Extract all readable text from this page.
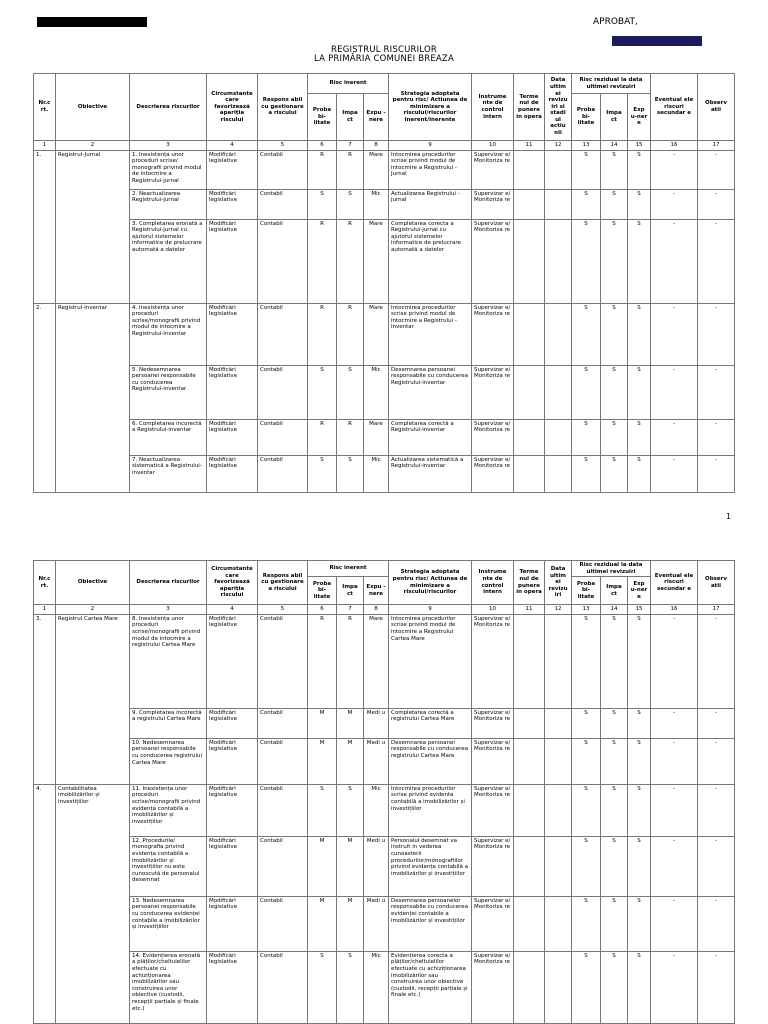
APROBAT,
Lacrimioara Niculescu
REGISTRUL RISCURILOR
LA PRIMĂRIA COMUNEI BREAZA
Nr.c rt.	Obiective	Descrierea riscurilor	Circumstante care favorizează apariția riscului	Respons abil cu gestionare a riscului	Risc inerent			Strategia adoptata pentru risc/ Actiunea de minimizare a riscului/riscurilor inerent/inerente	Instrume nte de control intern	Terme nul de punere in opera	Data ultim ei revizu iri si stadi ul actiu nii	Risc rezidual la data ultimei revizuiri			Eventual ele riscuri secundar e	Observ atii
					Proba bi-litate	Impa ct	Expu - nere					Proba bi-litate	Impa ct	Exp u-ner e		
1	2	3	4	5	6	7	8	9	10	11	12	13	14	15	16	17
1.	Registrul-Jurnal	1. Inexistența unor proceduri scrise/ monografii privind modul de intocmire a Registrului-jurnal	Modificări legislative	Contabil	R	R	Mare	Intocmirea procedurilor scrise privind modul de intocmire a Registrului -Jurnal	Supervizar e/ Monitoriza re			S	S	S	-	-
		2. Neactualizarea Registrului-jurnal	Modificări legislative	Contabil	S	S	Mic	Actualizarea Registrului - jurnal	Supervizar e/ Monitoriza re			S	S	S	-	-
		3. Completarea eronată a Registrului-jurnal cu ajutorul sistemelor informatice de prelucrare automată a datelor	Modificări legislative	Contabil	R	R	Mare	Completarea corecta a Registrului-jurnal cu ajutorul sistemelor informatice de prelucrare automată a datelor	Supervizar e/ Monitoriza re			S	S	S	-	-
2.	Registrul-inventar	4. Inexistența unor proceduri scrise/monografii privind modul de intocmire a Registrului-inventar	Modificări legislative	Contabil	R	R	Mare	Intocmirea procedurilor scrise privind modul de intocmire a Registrului - inventar	Supervizar e/ Monitoriza re			S	S	S	-	-
		5. Nedesemnarea persoanei responsabile cu conducerea Registrului-inventar	Modificări legislative	Contabil	S	S	Mic	Desemnarea persoanei responsabile cu conducerea Registrului-inventar	Supervizar e/ Monitoriza re			S	S	S	-	-
		6. Completarea incorectă a Registrului-inventar	Modificări legislative	Contabil	R	R	Mare	Completarea corectă a Registrului-inventar	Supervizar e/ Monitoriza re			S	S	S	-	-
		7. Neactualizarea sistematică a Registrului-inventar	Modificări legislative	Contabil	S	S	Mic	Actualizarea sistematică a Registrului-inventar	Supervizar e/ Monitoriza re			S	S	S	-	-
1
Nr.c rt.	Obiective	Descrierea riscurilor	Circumstante care favorizează apariția riscului	Respons abil cu gestionare a riscului	Risc inerent			Strategia adoptata pentru risc/ Actiunea de minimizare a riscului/riscurilor	Instrume nte de control intern	Terme nul de punere in opera	Data ultim ei revizu iri	Risc rezidual la data ultimei revizuiri			Eventual ele riscuri secundar e	Observ atii
					Proba bi-litate	Impa ct	Expu - nere					Proba bi-litate	Impa ct	Exp u-ner e		
1	2	3	4	5	6	7	8	9	10	11	12	13	14	15	16	17
3.	Registrul Cartea Mare	8. Inexistența unor proceduri scrise/monografii privind modul de intocmire a registrului Cartea Mare	Modificări legislative	Contabil	R	R	Mare	Intocmirea procedurilor scrise privind modul de intocmire a Registrului Cartea Mare	Supervizar e/ Monitoriza re			S	S	S	-	-
		9. Completarea incorectă a registrului Cartea Mare	Modificări legislative	Contabil	M	M	Medi u	Completarea corectă a registrului Cartea Mare	Supervizar e/ Monitoriza re			S	S	S	-	-
		10. Nedesemnarea persoanei responsabile cu conducerea registrului Cartea Mare	Modificări legislative	Contabil	M	M	Medi u	Desemnarea persoanei responsabile cu conducerea registrului Cartea Mare	Supervizar e/ Monitoriza re			S	S	S	-	-
4.	Contabilitatea imobilizărilor și investițiilor	11. Inexistența unor proceduri scrise/monografii privind evidența contabilă a imobilizărilor și investițiilor	Modificări legislative	Contabil	S	S	Mic	Intocmirea procedurilor scrise privind evidenta contabilă a imobilizărilor și investițiilor	Supervizar e/ Monitoriza re			S	S	S	-	-
		12. Procedurile/ monografia privind evidența contabilă a imobilizărilor și investițiilor nu este cunoscută de personalul desemnat	Modificări legislative	Contabil	M	M	Medi u	Personalul desemnat va instruit in vederea cunoasterii procedurilor/monografiilor privind evidența contabilă a imobilizărilor și investițiilor	Supervizar e/ Monitoriza re			S	S	S	-	-
		13. Nedesemnarea persoanei responsabile cu conducerea evidenței contabile a imobilizărilor și investițiilor	Modificări legislative	Contabil	M	M	Medi u	Desemnarea persoanelor responsabile cu conducerea evidenței contabile a imobilizărilor și investițiilor	Supervizar e/ Monitoriza re			S	S	S	-	-
		14. Evidențierea eronată a plăților/cheltuielilor efectuate cu achiziționarea imobilizărilor sau construirea unor obiective (custodii, recepții parțiale și finale etc.)	Modificări legislative	Contabil	S	S	Mic	Evidențierea corecta a plăților/cheltuielilor efectuate cu achiziționarea imobilizărilor sau construirea unor obiective (custodii, recepții parțiale și finale etc.)	Supervizar e/ Monitoriza re			S	S	S	-	-
